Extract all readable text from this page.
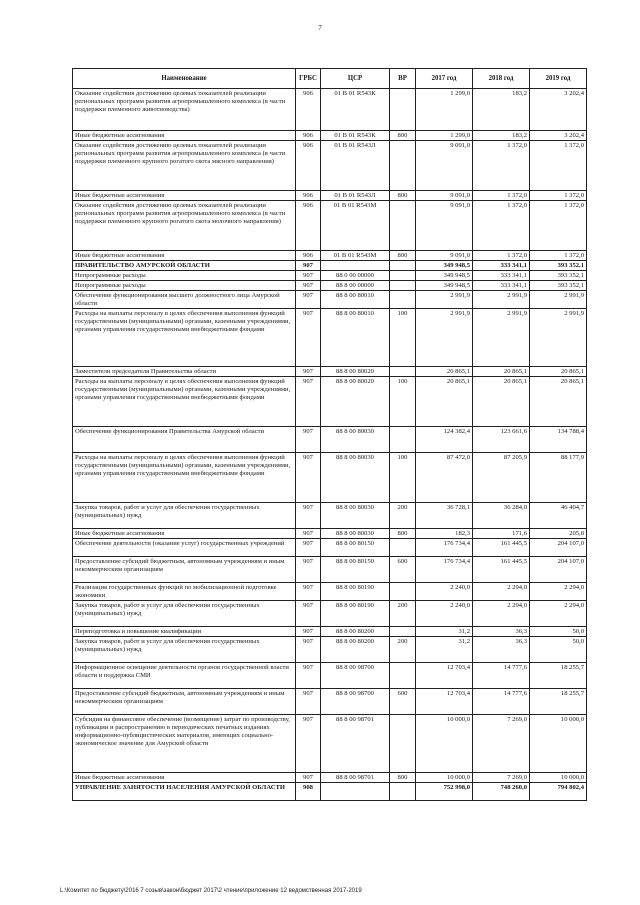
7
Наименование	ГРБС	ЦСР	ВР	2017 год	2018 год	2019 год
Оказание содействия достижению целевых показателей реализации региональных программ развития агропромышленного комплекса (в части поддержки племенного животноводства)	906	01 В 01 R543К		1 299,0	183,2	3 202,4
Иные бюджетные ассигнования	906	01 В 01 R543К	800	1 299,0	183,2	3 202,4
Оказание содействия достижению целевых показателей реализации региональных программ развития агропромышленного комплекса (в части поддержки племенного крупного рогатого скота мясного направления)	906	01 В 01 R543Л		9 091,0	1 372,0	1 372,0
Иные бюджетные ассигнования	906	01 В 01 R543Л	800	9 091,0	1 372,0	1 372,0
Оказание содействия достижению целевых показателей реализации региональных программ развития агропромышленного комплекса (в части поддержки племенного крупного рогатого скота молочного направления)	906	01 В 01 R543М		9 091,0	1 372,0	1 372,0
Иные бюджетные ассигнования	906	01 В 01 R543М	800	9 091,0	1 372,0	1 372,0
ПРАВИТЕЛЬСТВО АМУРСКОЙ ОБЛАСТИ	907			349 948,5	333 341,1	393 352,1
Непрограммные расходы	907	88 0 00 00000		349 948,5	333 341,1	393 352,1
Непрограммные расходы	907	88 8 00 00000		349 948,5	333 341,1	393 352,1
Обеспечение функционирования высшего должностного лица Амурской области	907	88 8 00 80010		2 991,9	2 991,9	2 991,9
Расходы на выплаты персоналу в целях обеспечения выполнения функций государственными (муниципальными) органами, казенными учреждениями, органами управления государственными внебюджетными фондами	907	88 8 00 80010	100	2 991,9	2 991,9	2 991,9
Заместители председателя Правительства области	907	88 8 00 80020		20 865,1	20 865,1	20 865,1
Расходы на выплаты персоналу в целях обеспечения выполнения функций государственными (муниципальными) органами, казенными учреждениями, органами управления государственными внебюджетными фондами	907	88 8 00 80020	100	20 865,1	20 865,1	20 865,1
Обеспечение функционирования Правительства Амурской области	907	88 8 00 80030		124 382,4	123 661,6	134 788,4
Расходы на выплаты персоналу в целях обеспечения выполнения функций государственными (муниципальными) органами, казенными учреждениями, органами управления государственными внебюджетными фондами	907	88 8 00 80030	100	87 472,0	87 205,9	88 177,9
Закупка товаров, работ и услуг для обеспечения государственных (муниципальных) нужд	907	88 8 00 80030	200	36 728,1	36 284,0	46 404,7
Иные бюджетные ассигнования	907	88 8 00 80030	800	182,3	171,6	205,8
Обеспечение деятельности (оказание услуг) государственных учреждений	907	88 8 00 80150		176 734,4	161 445,5	204 107,0
Предоставление субсидий бюджетным, автономным учреждениям и иным некоммерческим организациям	907	88 8 00 80150	600	176 734,4	161 445,5	204 107,0
Реализация государственных функций по мобилизационной подготовке экономики	907	88 8 00 80190		2 240,0	2 294,0	2 294,0
Закупка товаров, работ и услуг для обеспечения государственных (муниципальных) нужд	907	88 8 00 80190	200	2 240,0	2 294,0	2 294,0
Переподготовка и повышение квалификации	907	88 8 00 80200		31,2	36,3	50,0
Закупка товаров, работ и услуг для обеспечения государственных (муниципальных) нужд	907	88 8 00 80200	200	31,2	36,3	50,0
Информационное освещение деятельности органов государственной власти области и поддержка СМИ	907	88 8 00 98700		12 703,4	14 777,6	18 255,7
Предоставление субсидий бюджетным, автономным учреждениям и иным некоммерческим организациям	907	88 8 00 98700	600	12 703,4	14 777,6	18 255,7
Субсидия на финансовое обеспечение (возмещение) затрат по производству, публикации и распространению в периодических печатных изданиях информационно-публицистических материалов, имеющих социально-экономическое значение для Амурской области	907	88 8 00 98701		10 000,0	7 269,0	10 000,0
Иные бюджетные ассигнования	907	88 8 00 98701	800	10 000,0	7 269,0	10 000,0
УПРАВЛЕНИЕ ЗАНЯТОСТИ НАСЕЛЕНИЯ АМУРСКОЙ ОБЛАСТИ	908			752 998,0	748 260,0	794 802,4
L:\Комитет по бюджету\2016 7 созыв\закон\бюджет 2017\2 чтение\приложение 12 ведомственная 2017-2019
